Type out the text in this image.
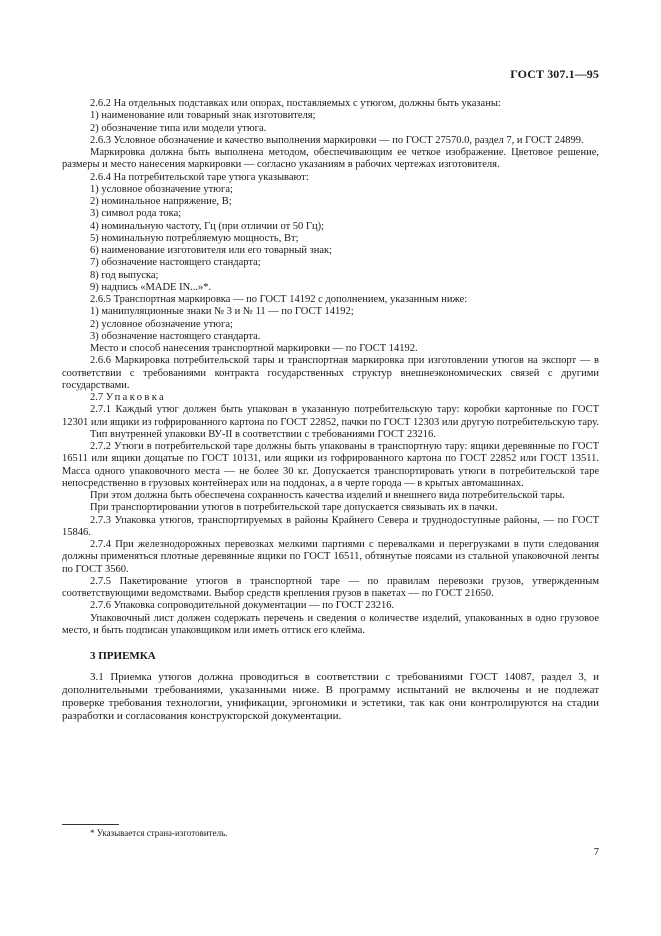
ГОСТ 307.1—95

2.6.2 На отдельных подставках или опорах, поставляемых с утюгом, должны быть указаны:

1) наименование или товарный знак изготовителя;

2) обозначение типа или модели утюга.

2.6.3 Условное обозначение и качество выполнения маркировки — по ГОСТ 27570.0, раздел 7, и ГОСТ 24899.

Маркировка должна быть выполнена методом, обеспечивающим ее четкое изображение. Цветовое решение, размеры и место нанесения маркировки — согласно указаниям в рабочих чертежах изготовителя.

2.6.4 На потребительской таре утюга указывают:

1) условное обозначение утюга;

2) номинальное напряжение, В;

3) символ рода тока;

4) номинальную частоту, Гц (при отличии от 50 Гц);

5) номинальную потребляемую мощность, Вт;

6) наименование изготовителя или его товарный знак;

7) обозначение настоящего стандарта;

8) год выпуска;

9) надпись «MADE IN...»*.

2.6.5 Транспортная маркировка — по ГОСТ 14192 с дополнением, указанным ниже:

1) манипуляционные знаки № 3 и № 11 — по ГОСТ 14192;

2) условное обозначение утюга;

3) обозначение настоящего стандарта.

Место и способ нанесения транспортной маркировки — по ГОСТ 14192.

2.6.6 Маркировка потребительской тары и транспортная маркировка при изготовлении утюгов на экспорт — в соответствии с требованиями контракта государственных структур внешнеэкономических связей с другими государствами.

2.7 Упаковка

2.7.1 Каждый утюг должен быть упакован в указанную потребительскую тару: коробки картонные по ГОСТ 12301 или ящики из гофрированного картона по ГОСТ 22852, пачки по ГОСТ 12303 или другую потребительскую тару.

Тип внутренней упаковки ВУ-II в соответствии с требованиями ГОСТ 23216.

2.7.2 Утюги в потребительской таре должны быть упакованы в транспортную тару: ящики деревянные по ГОСТ 16511 или ящики дощатые по ГОСТ 10131, или ящики из гофрированного картона по ГОСТ 22852 или ГОСТ 13511. Масса одного упаковочного места — не более 30 кг. Допускается транспортировать утюги в потребительской таре непосредственно в грузовых контейнерах или на поддонах, а в черте города — в крытых автомашинах.

При этом должна быть обеспечена сохранность качества изделий и внешнего вида потребительской тары.

При транспортировании утюгов в потребительской таре допускается связывать их в пачки.

2.7.3 Упаковка утюгов, транспортируемых в районы Крайнего Севера и труднодоступные районы, — по ГОСТ 15846.

2.7.4 При железнодорожных перевозках мелкими партиями с перевалками и перегрузками в пути следования должны применяться плотные деревянные ящики по ГОСТ 16511, обтянутые поясами из стальной упаковочной ленты по ГОСТ 3560.

2.7.5 Пакетирование утюгов в транспортной таре — по правилам перевозки грузов, утвержденным соответствующими ведомствами. Выбор средств крепления грузов в пакетах — по ГОСТ 21650.

2.7.6 Упаковка сопроводительной документации — по ГОСТ 23216.

Упаковочный лист должен содержать перечень и сведения о количестве изделий, упакованных в одно грузовое место, и быть подписан упаковщиком или иметь оттиск его клейма.

3 ПРИЕМКА

3.1 Приемка утюгов должна проводиться в соответствии с требованиями ГОСТ 14087, раздел 3, и дополнительными требованиями, указанными ниже. В программу испытаний не включены и не подлежат проверке требования технологии, унификации, эргономики и эстетики, так как они контролируются на стадии разработки и согласования конструкторской документации.

* Указывается страна-изготовитель.
7
